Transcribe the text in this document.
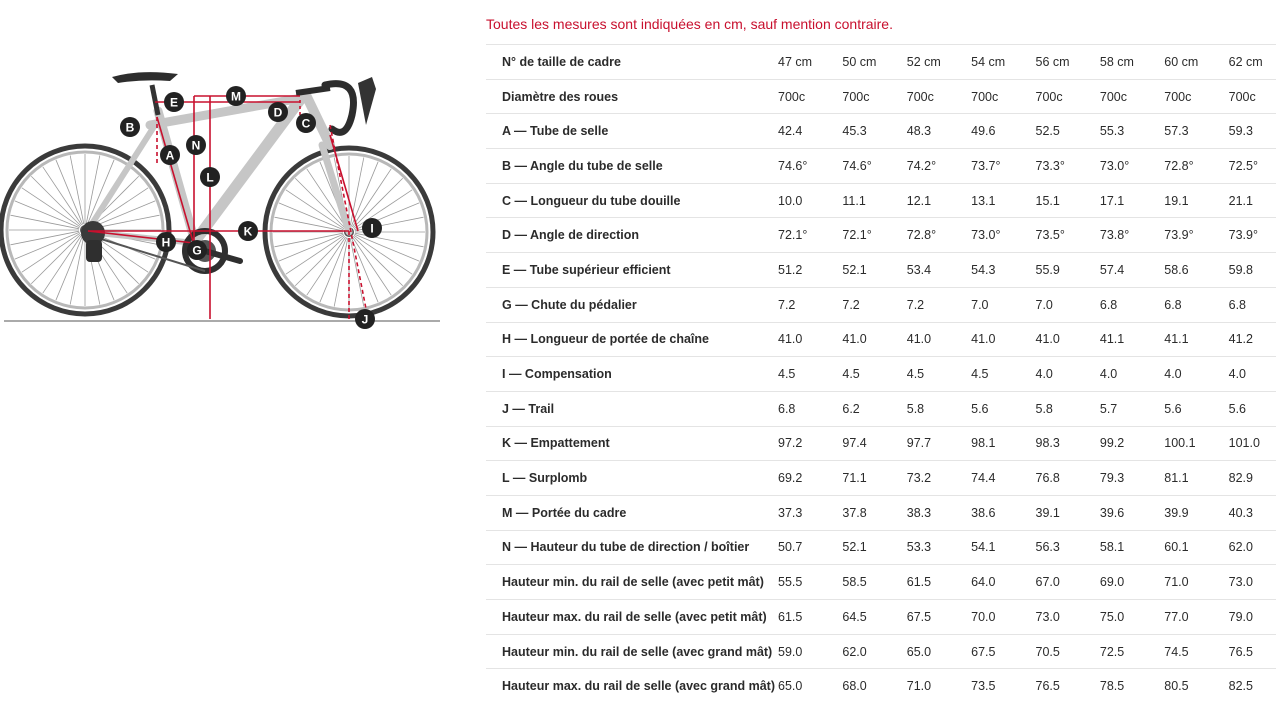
A
B	C
D
E
G
H
I
J
K
L
M
N
Toutes les mesures sont indiquées en cm, sauf mention contraire.
N° de taille de cadre	47 cm	50 cm	52 cm	54 cm	56 cm	58 cm	60 cm	62 cm
Diamètre des roues	700c	700c	700c	700c	700c	700c	700c	700c
A — Tube de selle	42.4	45.3	48.3	49.6	52.5	55.3	57.3	59.3
B — Angle du tube de selle	74.6°	74.6°	74.2°	73.7°	73.3°	73.0°	72.8°	72.5°
C — Longueur du tube douille	10.0	11.1	12.1	13.1	15.1	17.1	19.1	21.1
D — Angle de direction	72.1°	72.1°	72.8°	73.0°	73.5°	73.8°	73.9°	73.9°
E — Tube supérieur efficient	51.2	52.1	53.4	54.3	55.9	57.4	58.6	59.8
G — Chute du pédalier	7.2	7.2	7.2	7.0	7.0	6.8	6.8	6.8
H — Longueur de portée de chaîne	41.0	41.0	41.0	41.0	41.0	41.1	41.1	41.2
I — Compensation	4.5	4.5	4.5	4.5	4.0	4.0	4.0	4.0
J — Trail	6.8	6.2	5.8	5.6	5.8	5.7	5.6	5.6
K — Empattement	97.2	97.4	97.7	98.1	98.3	99.2	100.1	101.0
L — Surplomb	69.2	71.1	73.2	74.4	76.8	79.3	81.1	82.9
M — Portée du cadre	37.3	37.8	38.3	38.6	39.1	39.6	39.9	40.3
N — Hauteur du tube de direction / boîtier	50.7	52.1	53.3	54.1	56.3	58.1	60.1	62.0
Hauteur min. du rail de selle (avec petit mât)	55.5	58.5	61.5	64.0	67.0	69.0	71.0	73.0
Hauteur max. du rail de selle (avec petit mât)	61.5	64.5	67.5	70.0	73.0	75.0	77.0	79.0
Hauteur min. du rail de selle (avec grand mât)	59.0	62.0	65.0	67.5	70.5	72.5	74.5	76.5
Hauteur max. du rail de selle (avec grand mât)	65.0	68.0	71.0	73.5	76.5	78.5	80.5	82.5
